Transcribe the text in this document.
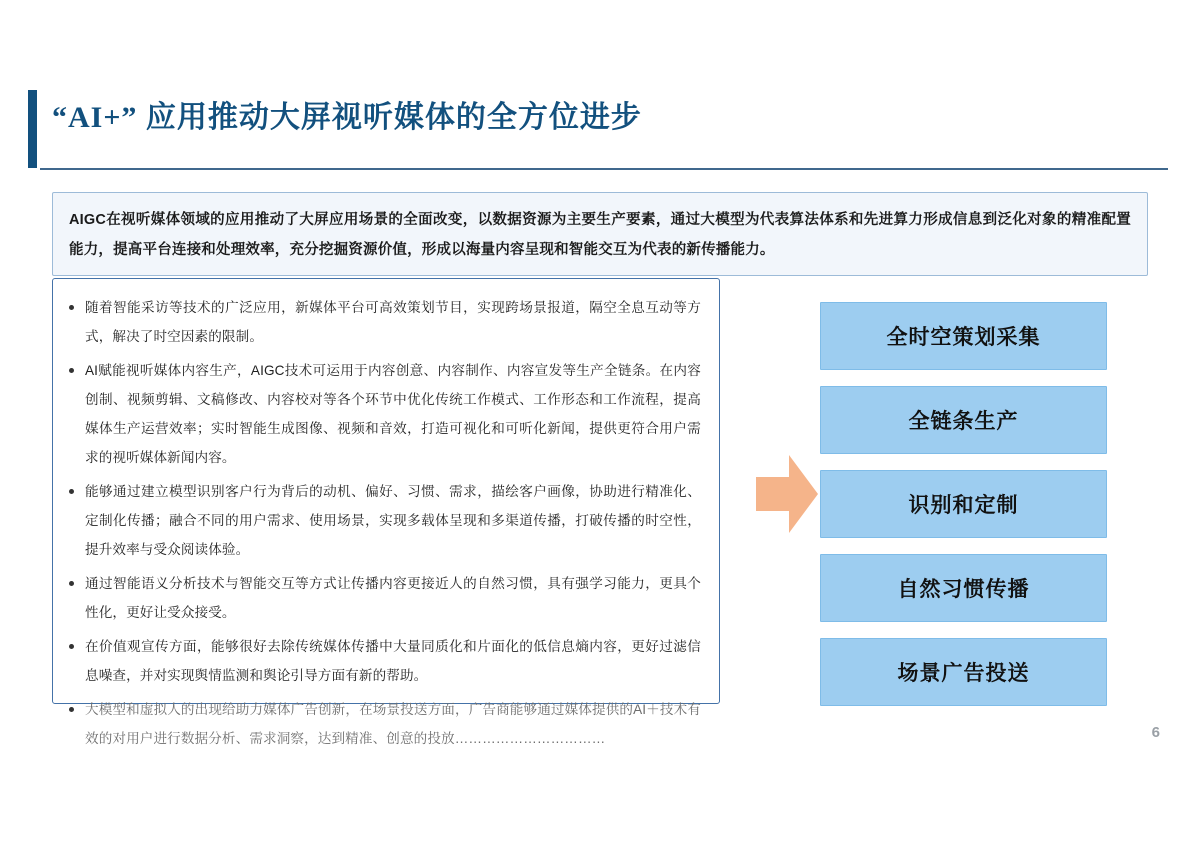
“AI+” 应用推动大屏视听媒体的全方位进步
AIGC在视听媒体领域的应用推动了大屏应用场景的全面改变，以数据资源为主要生产要素，通过大模型为代表算法体系和先进算力形成信息到泛化对象的精准配置能力，提高平台连接和处理效率，充分挖掘资源价值，形成以海量内容呈现和智能交互为代表的新传播能力。
随着智能采访等技术的广泛应用，新媒体平台可高效策划节目，实现跨场景报道，隔空全息互动等方式，解决了时空因素的限制。
AI赋能视听媒体内容生产，AIGC技术可运用于内容创意、内容制作、内容宣发等生产全链条。在内容创制、视频剪辑、文稿修改、内容校对等各个环节中优化传统工作模式、工作形态和工作流程，提高媒体生产运营效率；实时智能生成图像、视频和音效，打造可视化和可听化新闻，提供更符合用户需求的视听媒体新闻内容。
能够通过建立模型识别客户行为背后的动机、偏好、习惯、需求，描绘客户画像，协助进行精准化、定制化传播；融合不同的用户需求、使用场景，实现多载体呈现和多渠道传播，打破传播的时空性，提升效率与受众阅读体验。
通过智能语义分析技术与智能交互等方式让传播内容更接近人的自然习惯，具有强学习能力，更具个性化，更好让受众接受。
在价值观宣传方面，能够很好去除传统媒体传播中大量同质化和片面化的低信息熵内容，更好过滤信息噪查，并对实现舆情监测和舆论引导方面有新的帮助。
大模型和虚拟人的出现给助力媒体广告创新，在场景投送方面，广告商能够通过媒体提供的AI＋技术有效的对用户进行数据分析、需求洞察，达到精准、创意的投放……………………………
全时空策划采集
全链条生产
识别和定制
自然习惯传播
场景广告投送
6
